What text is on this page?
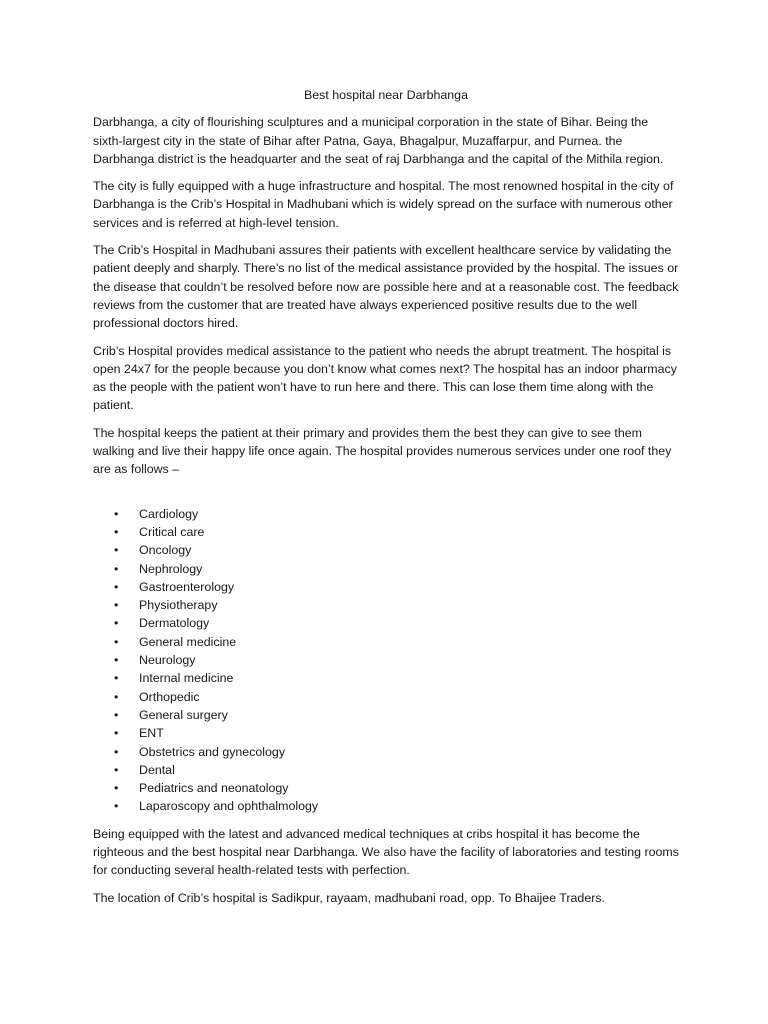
Best hospital near Darbhanga

Darbhanga, a city of flourishing sculptures and a municipal corporation in the state of Bihar. Being the sixth-largest city in the state of Bihar after Patna, Gaya, Bhagalpur, Muzaffarpur, and Purnea. the Darbhanga district is the headquarter and the seat of raj Darbhanga and the capital of the Mithila region.

The city is fully equipped with a huge infrastructure and hospital. The most renowned hospital in the city of Darbhanga is the Crib’s Hospital in Madhubani which is widely spread on the surface with numerous other services and is referred at high-level tension.

The Crib’s Hospital in Madhubani assures their patients with excellent healthcare service by validating the patient deeply and sharply. There’s no list of the medical assistance provided by the hospital. The issues or the disease that couldn’t be resolved before now are possible here and at a reasonable cost. The feedback reviews from the customer that are treated have always experienced positive results due to the well professional doctors hired.

Crib’s Hospital provides medical assistance to the patient who needs the abrupt treatment. The hospital is open 24x7 for the people because you don’t know what comes next? The hospital has an indoor pharmacy as the people with the patient won’t have to run here and there. This can lose them time along with the patient.

The hospital keeps the patient at their primary and provides them the best they can give to see them walking and live their happy life once again. The hospital provides numerous services under one roof they are as follows –

• Cardiology
• Critical care
• Oncology
• Nephrology
• Gastroenterology
• Physiotherapy
• Dermatology
• General medicine
• Neurology
• Internal medicine
• Orthopedic
• General surgery
• ENT
• Obstetrics and gynecology
• Dental
• Pediatrics and neonatology
• Laparoscopy and ophthalmology

Being equipped with the latest and advanced medical techniques at cribs hospital it has become the righteous and the best hospital near Darbhanga. We also have the facility of laboratories and testing rooms for conducting several health-related tests with perfection.

The location of Crib’s hospital is Sadikpur, rayaam, madhubani road, opp. To Bhaijee Traders.
